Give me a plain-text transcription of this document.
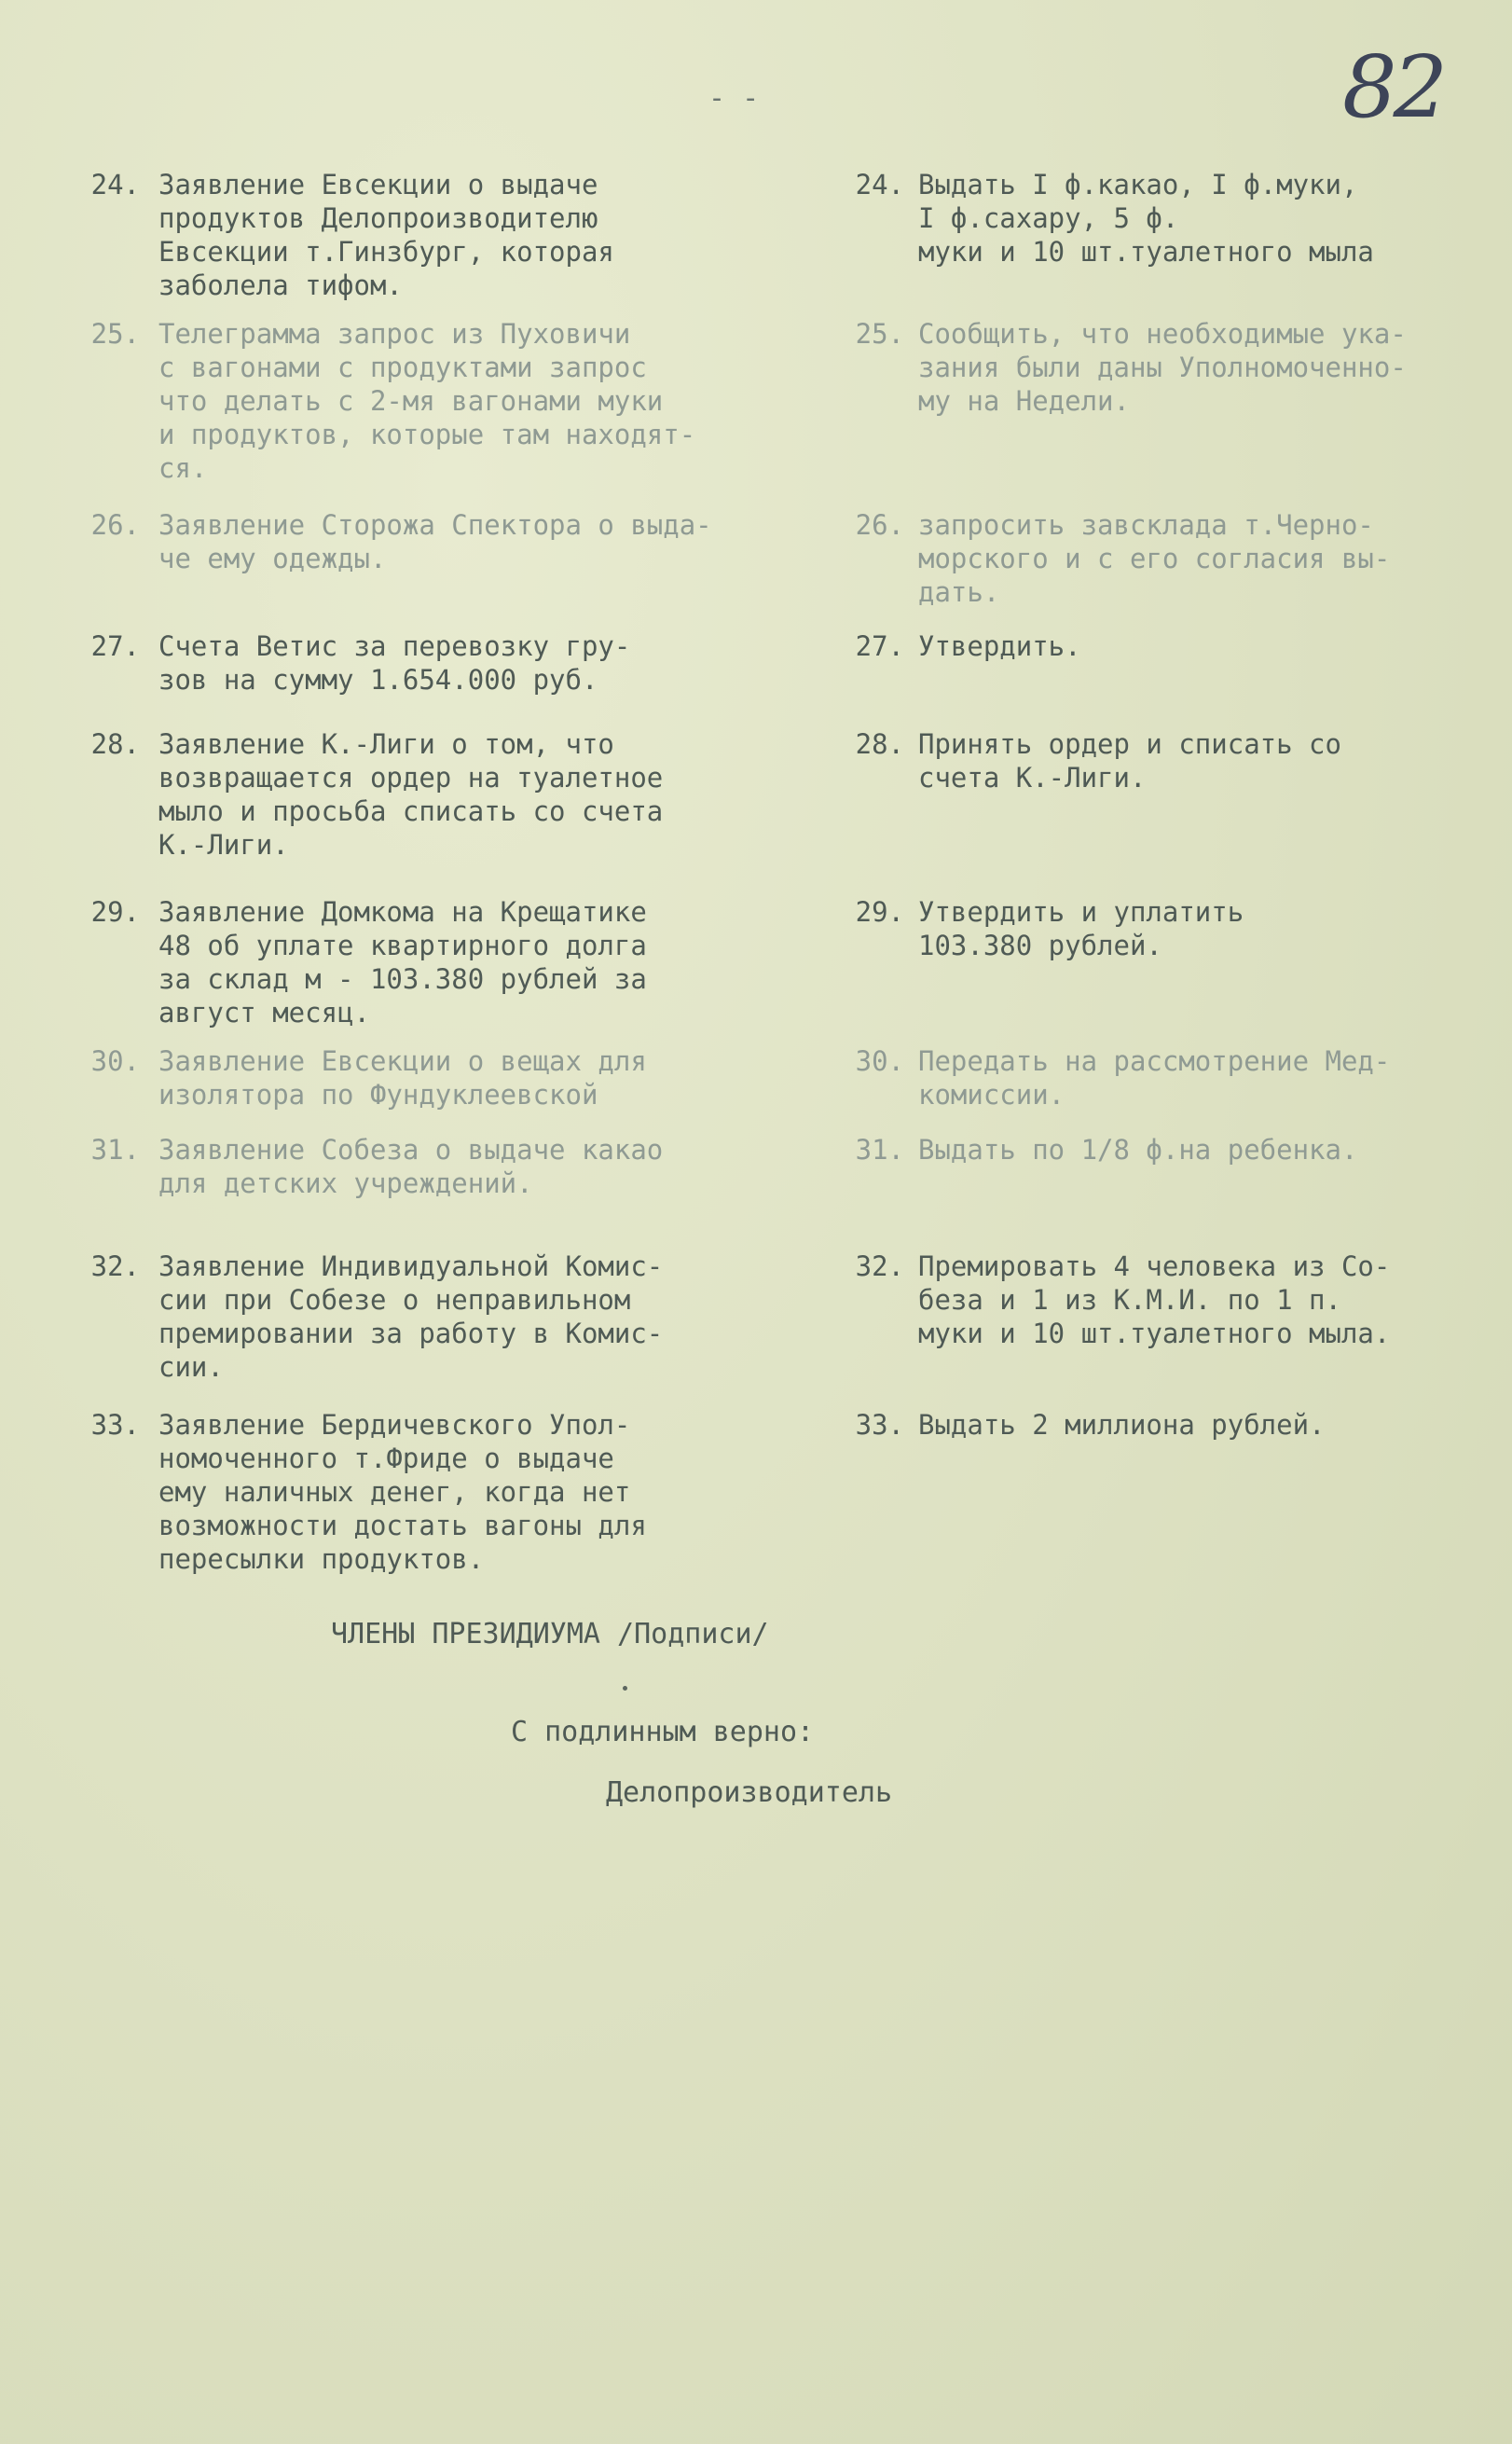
82
- -
24. Заявление Евсекции о выдаче
продуктов Делопроизводителю
Евсекции т.Гинзбург, которая
заболела тифом.
24. Выдать I ф.какао, I ф.муки,
I ф.сахару, 5 ф.
муки и 10 шт.туалетного мыла
25. Телеграмма запрос из Пуховичи
с вагонами с продуктами запрос
что делать с 2-мя вагонами муки
и продуктов, которые там находят-
ся.
25. Сообщить, что необходимые ука-
зания были даны Уполномоченно-
му на Недели.
26. Заявление Сторожа Спектора о выда-
че ему одежды.
26. запросить завсклада т.Черно-
морского и с его согласия вы-
дать.
27. Счета Ветис за перевозку гру-
зов на сумму 1.654.000 руб.
27. Утвердить.
28. Заявление К.-Лиги о том, что
возвращается ордер на туалетное
мыло и просьба списать со счета
К.-Лиги.
28. Принять ордер и списать со
счета К.-Лиги.
29. Заявление Домкома на Крещатике
48 об уплате квартирного долга
за склад м - 103.380 рублей за
август месяц.
29. Утвердить и уплатить
103.380 рублей.
30. Заявление Евсекции о вещах для
изолятора по Фундуклеевской
30. Передать на рассмотрение Мед-
комиссии.
31. Заявление Собеза о выдаче какао
для детских учреждений.
31. Выдать по 1/8 ф.на ребенка.
32. Заявление Индивидуальной Комис-
сии при Собезе о неправильном
премировании за работу в Комис-
сии.
32. Премировать 4 человека из Со-
беза и 1 из К.М.И. по 1 п.
муки и 10 шт.туалетного мыла.
33. Заявление Бердичевского Упол-
номоченного т.Фриде о выдаче
ему наличных денег, когда нет
возможности достать вагоны для
пересылки продуктов.
33. Выдать 2 миллиона рублей.
ЧЛЕНЫ ПРЕЗИДИУМА /Подписи/
С подлинным верно:
Делопроизводитель
